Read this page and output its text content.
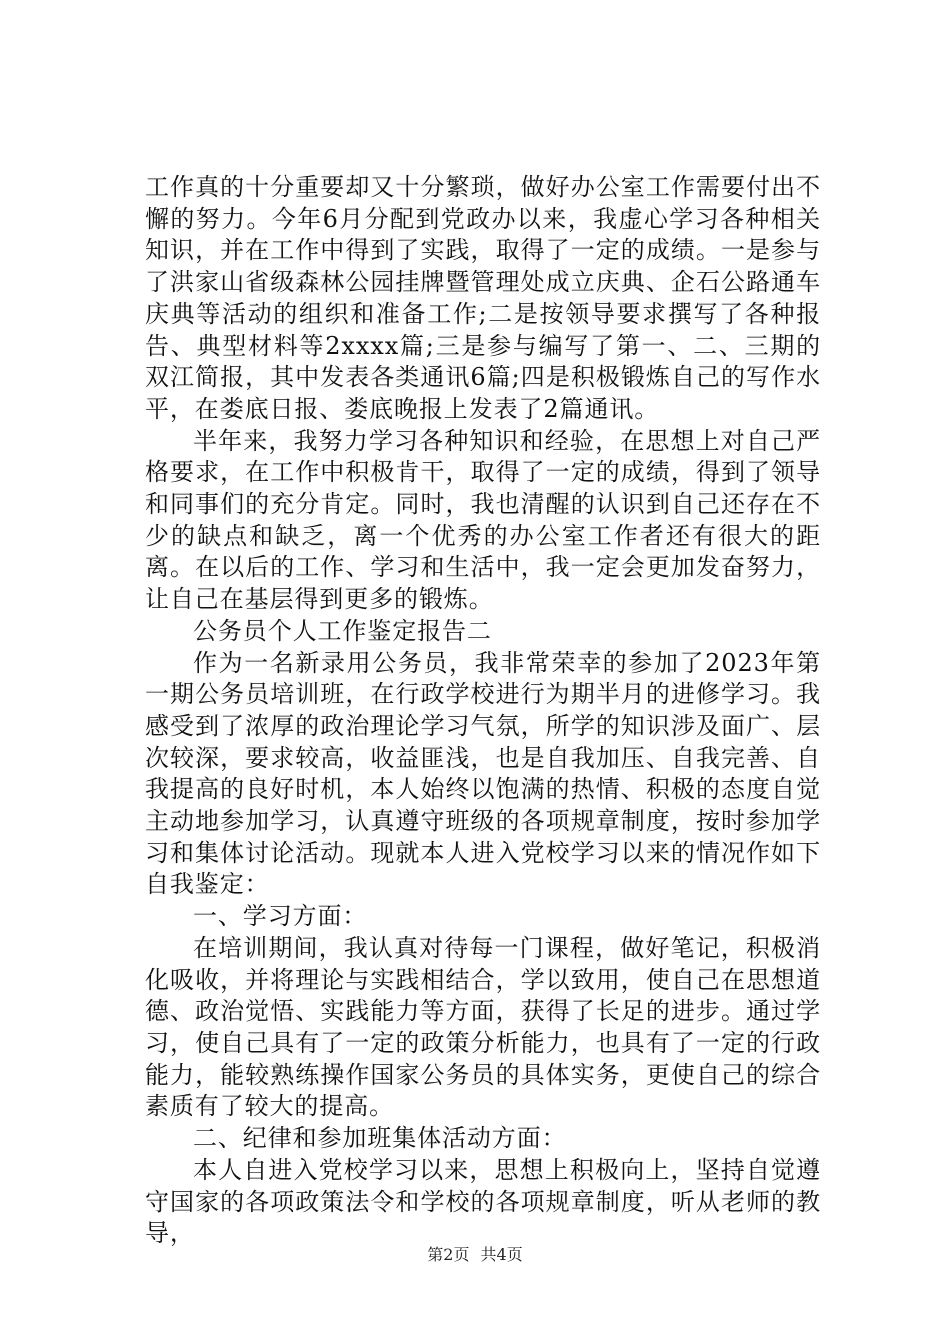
工作真的十分重要却又十分繁琐，做好办公室工作需要付出不懈的努力。今年6月分配到党政办以来，我虚心学习各种相关知识，并在工作中得到了实践，取得了一定的成绩。一是参与了洪家山省级森林公园挂牌暨管理处成立庆典、企石公路通车庆典等活动的组织和准备工作;二是按领导要求撰写了各种报告、典型材料等2xxxx篇;三是参与编写了第一、二、三期的双江简报，其中发表各类通讯6篇;四是积极锻炼自己的写作水平，在娄底日报、娄底晚报上发表了2篇通讯。

半年来，我努力学习各种知识和经验，在思想上对自己严格要求，在工作中积极肯干，取得了一定的成绩，得到了领导和同事们的充分肯定。同时，我也清醒的认识到自己还存在不少的缺点和缺乏，离一个优秀的办公室工作者还有很大的距离。在以后的工作、学习和生活中，我一定会更加发奋努力，让自己在基层得到更多的锻炼。

公务员个人工作鉴定报告二

作为一名新录用公务员，我非常荣幸的参加了2023年第一期公务员培训班，在行政学校进行为期半月的进修学习。我感受到了浓厚的政治理论学习气氛，所学的知识涉及面广、层次较深，要求较高，收益匪浅，也是自我加压、自我完善、自我提高的良好时机，本人始终以饱满的热情、积极的态度自觉主动地参加学习，认真遵守班级的各项规章制度，按时参加学习和集体讨论活动。现就本人进入党校学习以来的情况作如下自我鉴定：

一、学习方面：

在培训期间，我认真对待每一门课程，做好笔记，积极消化吸收，并将理论与实践相结合，学以致用，使自己在思想道德、政治觉悟、实践能力等方面，获得了长足的进步。通过学习，使自己具有了一定的政策分析能力，也具有了一定的行政能力，能较熟练操作国家公务员的具体实务，更使自己的综合素质有了较大的提高。

二、纪律和参加班集体活动方面：

本人自进入党校学习以来，思想上积极向上，坚持自觉遵守国家的各项政策法令和学校的各项规章制度，听从老师的教导，

第2页 共4页
